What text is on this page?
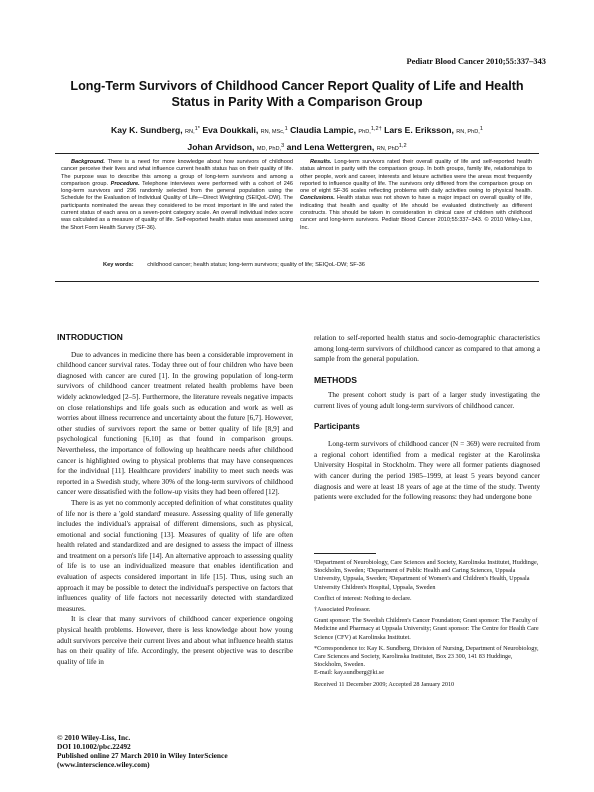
Pediatr Blood Cancer 2010;55:337–343
Long-Term Survivors of Childhood Cancer Report Quality of Life and Health Status in Parity With a Comparison Group
Kay K. Sundberg, RN,$^{1*}$ Eva Doukkali, RN, MSc,$^1$ Claudia Lampic, PhD,$^{1,2\dagger}$ Lars E. Eriksson, RN, PhD,$^1$
Johan Arvidson, MD, PhD,$^3$ and Lena Wettergren, RN, PhD$^{1,2}$
Background. There is a need for more knowledge about how survivors of childhood cancer perceive their lives and what influence current health status has on their quality of life. The purpose was to describe this among a group of long-term survivors and among a comparison group. Procedure. Telephone interviews were performed with a cohort of 246 long-term survivors and 296 randomly selected from the general population using the Schedule for the Evaluation of Individual Quality of Life—Direct Weighting (SEIQoL-DW). The participants nominated the areas they considered to be most important in life and rated the current status of each area on a seven-point category scale. An overall individual index score was calculated as a measure of quality of life. Self-reported health status was assessed using the Short Form Health Survey (SF-36).
Results. Long-term survivors rated their overall quality of life and self-reported health status almost in parity with the comparison group. In both groups, family life, relationships to other people, work and career, interests and leisure activities were the areas most frequently reported to influence quality of life. The survivors only differed from the comparison group on one of eight SF-36 scales reflecting problems with daily activities owing to physical health. Conclusions. Health status was not shown to have a major impact on overall quality of life, indicating that health and quality of life should be evaluated distinctively as different constructs. This should be taken in consideration in clinical care of children with childhood cancer and long-term survivors. Pediatr Blood Cancer 2010;55:337–343. © 2010 Wiley-Liss, Inc.
Key words: childhood cancer; health status; long-term survivors; quality of life; SEIQoL-DW; SF-36
INTRODUCTION

Due to advances in medicine there has been a considerable improvement in childhood cancer survival rates. Today three out of four children who have been diagnosed with cancer are cured [1]. In the growing population of long-term survivors of childhood cancer treatment related health problems have been widely acknowledged [2–5]. Furthermore, the literature reveals negative impacts on close relationships and life goals such as education and work as well as worries about illness recurrence and uncertainty about the future [6,7]. However, other studies of survivors report the same or better quality of life [8,9] and psychological functioning [6,10] as that found in comparison groups. Nevertheless, the importance of following up healthcare needs after childhood cancer is highlighted owing to physical problems that may have consequences for the individual [11]. Healthcare providers' inability to meet such needs was reported in a Swedish study, where 30% of the long-term survivors of childhood cancer were dissatisfied with the follow-up visits they had been offered [12].

There is as yet no commonly accepted definition of what constitutes quality of life nor is there a 'gold standard' measure. Assessing quality of life generally includes the individual's appraisal of different dimensions, such as physical, emotional and social functioning [13]. Measures of quality of life are often health related and standardized and are designed to assess the impact of illness and treatment on a person's life [14]. An alternative approach to assessing quality of life is to use an individualized measure that enables identification and evaluation of aspects considered important in life [15]. Thus, using such an approach it may be possible to detect the individual's perspective on factors that influences quality of life factors not necessarily detected with standardized measures.

It is clear that many survivors of childhood cancer experience ongoing physical health problems. However, there is less knowledge about how young adult survivors perceive their current lives and about what influence health status has on their quality of life. Accordingly, the present objective was to describe quality of life in

relation to self-reported health status and socio-demographic characteristics among long-term survivors of childhood cancer as compared to that among a sample from the general population.
METHODS

The present cohort study is part of a larger study investigating the current lives of young adult long-term survivors of childhood cancer.

Participants

Long-term survivors of childhood cancer (N = 369) were recruited from a regional cohort identified from a medical register at the Karolinska University Hospital in Stockholm. They were all former patients diagnosed with cancer during the period 1985–1999, at least 5 years beyond cancer diagnosis and were at least 18 years of age at the time of the study. Twenty patients were excluded for the following reasons: they had undergone bone

¹Department of Neurobiology, Care Sciences and Society, Karolinska Institutet, Huddinge, Stockholm, Sweden; ²Department of Public Health and Caring Sciences, Uppsala University, Uppsala, Sweden; ³Department of Women's and Children's Health, Uppsala University Children's Hospital, Uppsala, Sweden

Conflict of interest: Nothing to declare.

†Associated Professor.

Grant sponsor: The Swedish Children's Cancer Foundation; Grant sponsor: The Faculty of Medicine and Pharmacy at Uppsala University; Grant sponsor: The Centre for Health Care Science (CFV) at Karolinska Institutet.

*Correspondence to: Kay K. Sundberg, Division of Nursing, Department of Neurobiology, Care Sciences and Society, Karolinska Institutet, Box 23 300, 141 83 Huddinge, Stockholm, Sweden.

E-mail: kay.sundberg@ki.se

Received 11 December 2009; Accepted 28 January 2010

© 2010 Wiley-Liss, Inc.
DOI 10.1002/pbc.22492
Published online 27 March 2010 in Wiley InterScience
(www.interscience.wiley.com)
